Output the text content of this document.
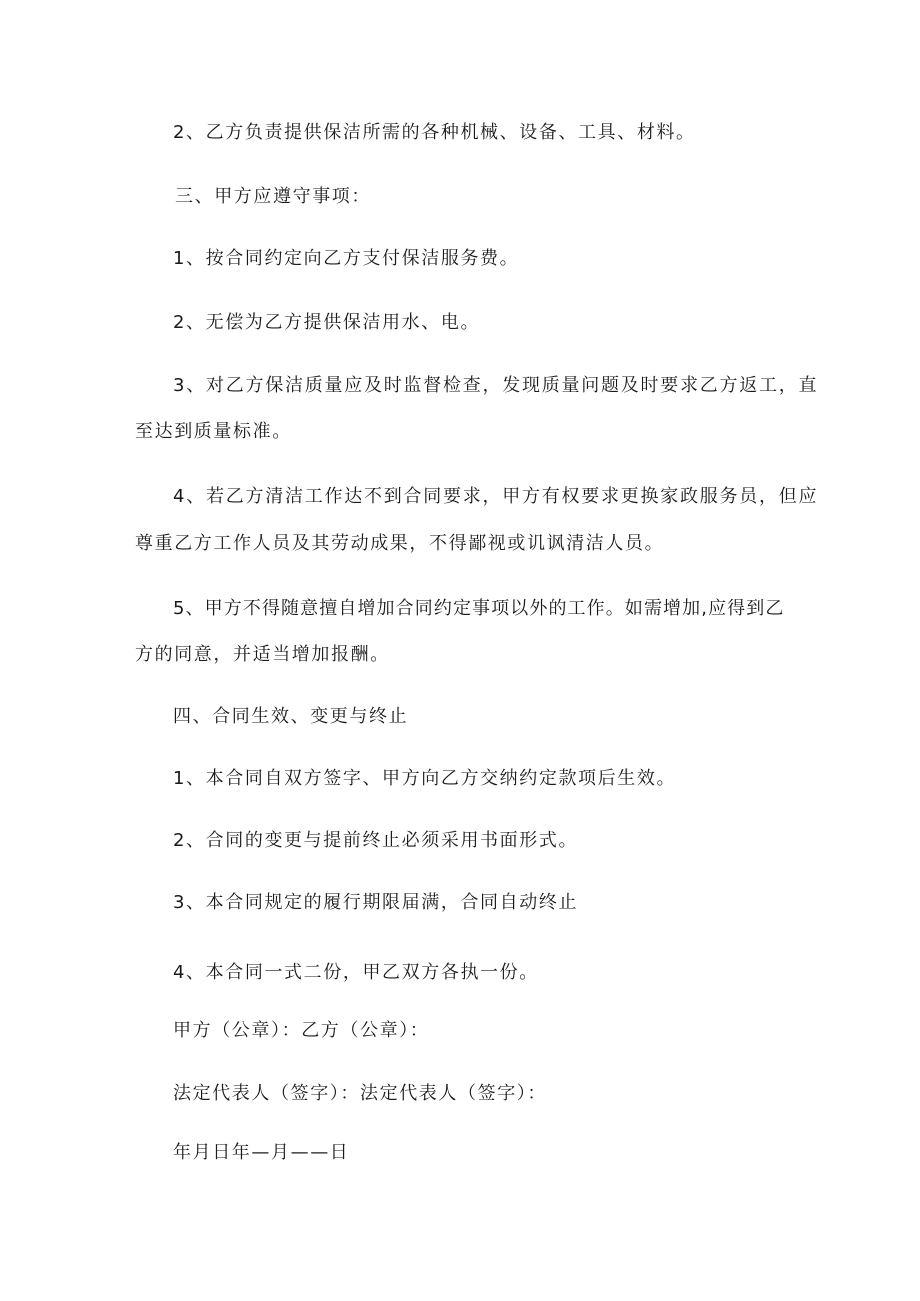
2、乙方负责提供保洁所需的各种机械、设备、工具、材料。
三、甲方应遵守事项：
1、按合同约定向乙方支付保洁服务费。
2、无偿为乙方提供保洁用水、电。
3、对乙方保洁质量应及时监督检查，发现质量问题及时要求乙方返工，直
至达到质量标准。
4、若乙方清洁工作达不到合同要求，甲方有权要求更换家政服务员，但应
尊重乙方工作人员及其劳动成果，不得鄙视或讥讽清洁人员。
5、甲方不得随意擅自增加合同约定事项以外的工作。如需增加,应得到乙
方的同意，并适当增加报酬。
四、合同生效、变更与终止
1、本合同自双方签字、甲方向乙方交纳约定款项后生效。
2、合同的变更与提前终止必须采用书面形式。
3、本合同规定的履行期限届满，合同自动终止
4、本合同一式二份，甲乙双方各执一份。
甲方（公章）：乙方（公章）：
法定代表人（签字）：法定代表人（签字）：
年月日年—月——日
